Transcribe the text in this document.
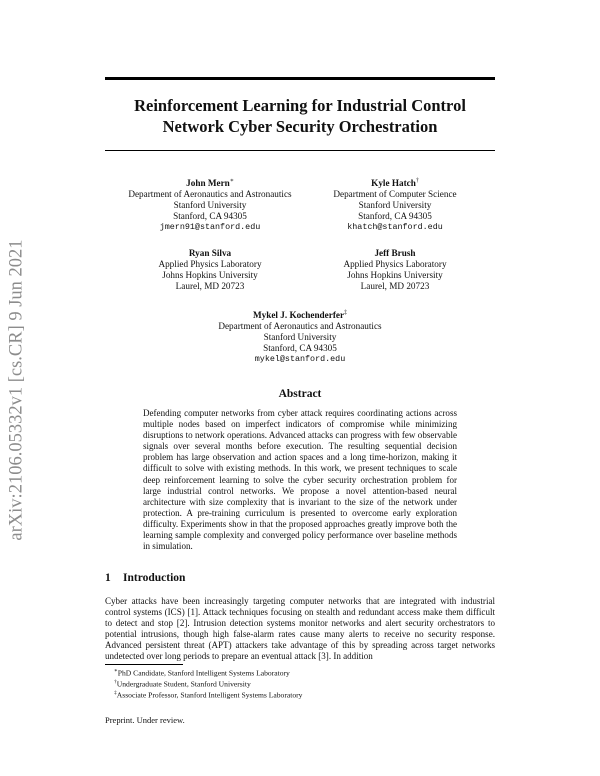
arXiv:2106.05332v1 [cs.CR] 9 Jun 2021
Reinforcement Learning for Industrial Control
Network Cyber Security Orchestration
John Mern∗
Department of Aeronautics and Astronautics
Stanford University
Stanford, CA 94305
jmern91@stanford.edu
Kyle Hatch†
Department of Computer Science
Stanford University
Stanford, CA 94305
khatch@stanford.edu
Ryan Silva
Applied Physics Laboratory
Johns Hopkins University
Laurel, MD 20723
Jeff Brush
Applied Physics Laboratory
Johns Hopkins University
Laurel, MD 20723
Mykel J. Kochenderfer‡
Department of Aeronautics and Astronautics
Stanford University
Stanford, CA 94305
mykel@stanford.edu
Abstract
Defending computer networks from cyber attack requires coordinating actions across multiple nodes based on imperfect indicators of compromise while minimizing disruptions to network operations. Advanced attacks can progress with few observable signals over several months before execution. The resulting sequential decision problem has large observation and action spaces and a long time-horizon, making it difficult to solve with existing methods. In this work, we present techniques to scale deep reinforcement learning to solve the cyber security orchestration problem for large industrial control networks. We propose a novel attention-based neural architecture with size complexity that is invariant to the size of the network under protection. A pre-training curriculum is presented to overcome early exploration difficulty. Experiments show in that the proposed approaches greatly improve both the learning sample complexity and converged policy performance over baseline methods in simulation.
1 Introduction
Cyber attacks have been increasingly targeting computer networks that are integrated with industrial control systems (ICS) [1]. Attack techniques focusing on stealth and redundant access make them difficult to detect and stop [2]. Intrusion detection systems monitor networks and alert security orchestrators to potential intrusions, though high false-alarm rates cause many alerts to receive no security response. Advanced persistent threat (APT) attackers take advantage of this by spreading across target networks undetected over long periods to prepare an eventual attack [3]. In addition
∗PhD Candidate, Stanford Intelligent Systems Laboratory
†Undergraduate Student, Stanford University
‡Associate Professor, Stanford Intelligent Systems Laboratory
Preprint. Under review.
